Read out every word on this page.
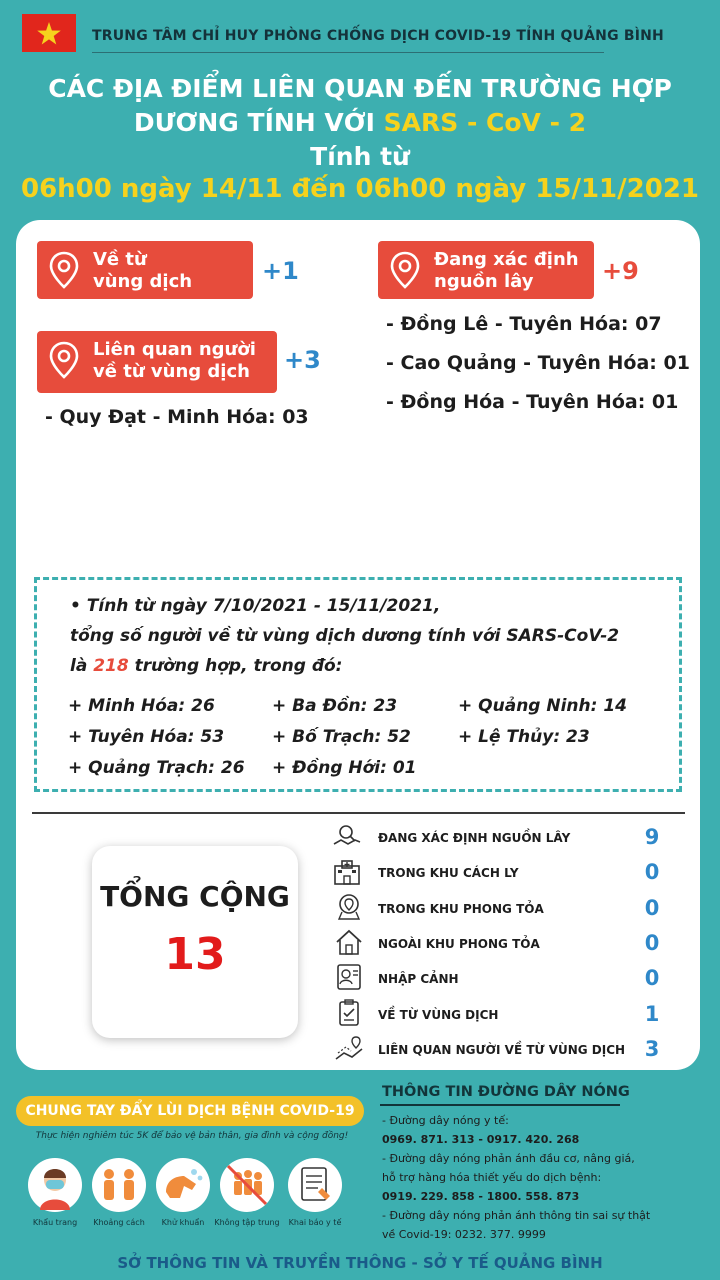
TRUNG TÂM CHỈ HUY PHÒNG CHỐNG DỊCH COVID-19 TỈNH QUẢNG BÌNH
CÁC ĐỊA ĐIỂM LIÊN QUAN ĐẾN TRƯỜNG HỢP
DƯƠNG TÍNH VỚI SARS - CoV - 2
Tính từ
06h00 ngày 14/11 đến 06h00 ngày 15/11/2021
Về từ
vùng dịch	+1
Liên quan người
về từ vùng dịch	+3
- Quy Đạt - Minh Hóa: 03
Đang xác định
nguồn lây	+9
- Đồng Lê - Tuyên Hóa: 07
- Cao Quảng - Tuyên Hóa: 01
- Đồng Hóa - Tuyên Hóa: 01
• Tính từ ngày 7/10/2021 - 15/11/2021,
tổng số người về từ vùng dịch dương tính với SARS-CoV-2
là 218 trường hợp, trong đó:
+ Minh Hóa: 26	+ Ba Đồn: 23	+ Quảng Ninh: 14
+ Tuyên Hóa: 53	+ Bố Trạch: 52	+ Lệ Thủy: 23
+ Quảng Trạch: 26 + Đồng Hới: 01
TỔNG CỘNG
13
ĐANG XÁC ĐỊNH NGUỒN LÂY	9
TRONG KHU CÁCH LY	0
TRONG KHU PHONG TỎA	0
NGOÀI KHU PHONG TỎA	0
NHẬP CẢNH	0
VỀ TỪ VÙNG DỊCH	1
LIÊN QUAN NGƯỜI VỀ TỪ VÙNG DỊCH 3
CHUNG TAY ĐẨY LÙI DỊCH BỆNH COVID-19
Thực hiện nghiêm túc 5K để bảo vệ bản thân, gia đình và cộng đồng!
Khẩu trang	Khoảng cách	Khử khuẩn	Không tập trung	Khai báo y tế
THÔNG TIN ĐƯỜNG DÂY NÓNG
- Đường dây nóng y tế:
0969. 871. 313 - 0917. 420. 268
- Đường dây nóng phản ánh đầu cơ, nâng giá,
hỗ trợ hàng hóa thiết yếu do dịch bệnh:
0919. 229. 858 - 1800. 558. 873
- Đường dây nóng phản ánh thông tin sai sự thật
về Covid-19: 0232. 377. 9999
SỞ THÔNG TIN VÀ TRUYỀN THÔNG - SỞ Y TẾ QUẢNG BÌNH
